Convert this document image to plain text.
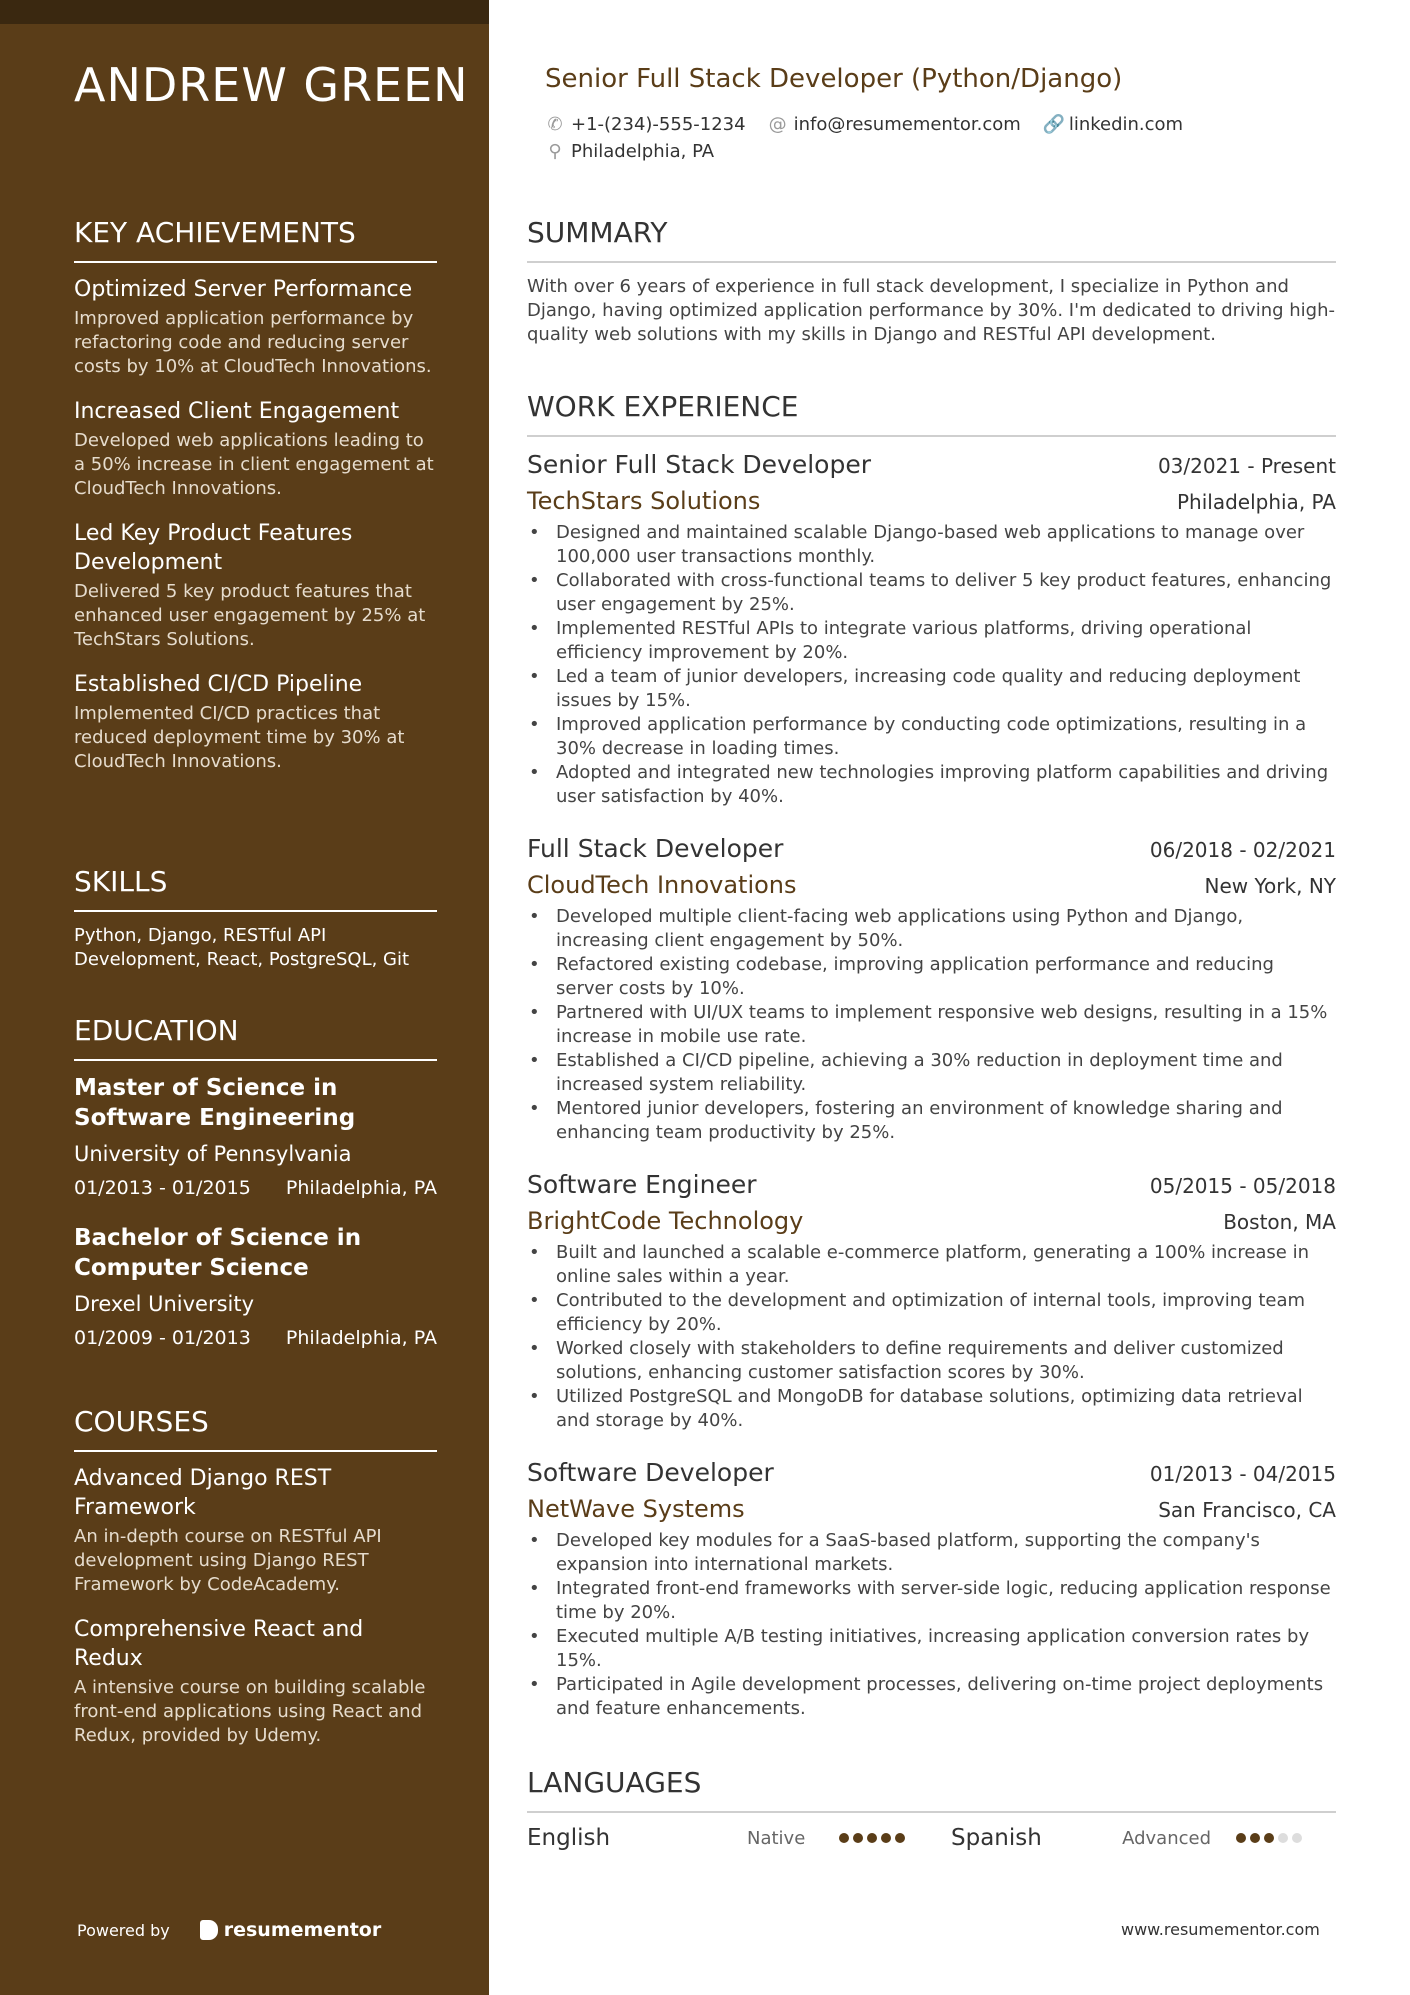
ANDREW GREEN
KEY ACHIEVEMENTS
Optimized Server Performance
Improved application performance by refactoring code and reducing server costs by 10% at CloudTech Innovations.
Increased Client Engagement
Developed web applications leading to a 50% increase in client engagement at CloudTech Innovations.
Led Key Product Features Development
Delivered 5 key product features that enhanced user engagement by 25% at TechStars Solutions.
Established CI/CD Pipeline
Implemented CI/CD practices that reduced deployment time by 30% at CloudTech Innovations.
SKILLS
Python, Django, RESTful API Development, React, PostgreSQL, Git
EDUCATION
Master of Science in Software Engineering
University of Pennsylvania
01/2013 - 01/2015 Philadelphia, PA
Bachelor of Science in Computer Science
Drexel University
01/2009 - 01/2013 Philadelphia, PA
COURSES
Advanced Django REST Framework
An in-depth course on RESTful API development using Django REST Framework by CodeAcademy.
Comprehensive React and Redux
A intensive course on building scalable front-end applications using React and Redux, provided by Udemy.
Powered by	resumementor
Senior Full Stack Developer (Python/Django)
✆ +1-(234)-555-1234 @ info@resumementor.com 🔗 linkedin.com
⚲ Philadelphia, PA
SUMMARY
With over 6 years of experience in full stack development, I specialize in Python and Django, having optimized application performance by 30%. I'm dedicated to driving high-quality web solutions with my skills in Django and RESTful API development.
WORK EXPERIENCE
Senior Full Stack Developer	03/2021 - Present
TechStars Solutions	Philadelphia, PA
• Designed and maintained scalable Django-based web applications to manage over 100,000 user transactions monthly.
• Collaborated with cross-functional teams to deliver 5 key product features, enhancing user engagement by 25%.
• Implemented RESTful APIs to integrate various platforms, driving operational efficiency improvement by 20%.
• Led a team of junior developers, increasing code quality and reducing deployment issues by 15%.
• Improved application performance by conducting code optimizations, resulting in a 30% decrease in loading times.
• Adopted and integrated new technologies improving platform capabilities and driving user satisfaction by 40%.
Full Stack Developer	06/2018 - 02/2021
CloudTech Innovations	New York, NY
• Developed multiple client-facing web applications using Python and Django, increasing client engagement by 50%.
• Refactored existing codebase, improving application performance and reducing server costs by 10%.
• Partnered with UI/UX teams to implement responsive web designs, resulting in a 15% increase in mobile use rate.
• Established a CI/CD pipeline, achieving a 30% reduction in deployment time and increased system reliability.
• Mentored junior developers, fostering an environment of knowledge sharing and enhancing team productivity by 25%.
Software Engineer	05/2015 - 05/2018
BrightCode Technology	Boston, MA
• Built and launched a scalable e-commerce platform, generating a 100% increase in online sales within a year.
• Contributed to the development and optimization of internal tools, improving team efficiency by 20%.
• Worked closely with stakeholders to define requirements and deliver customized solutions, enhancing customer satisfaction scores by 30%.
• Utilized PostgreSQL and MongoDB for database solutions, optimizing data retrieval and storage by 40%.
Software Developer	01/2013 - 04/2015
NetWave Systems	San Francisco, CA
• Developed key modules for a SaaS-based platform, supporting the company's expansion into international markets.
• Integrated front-end frameworks with server-side logic, reducing application response time by 20%.
• Executed multiple A/B testing initiatives, increasing application conversion rates by 15%.
• Participated in Agile development processes, delivering on-time project deployments and feature enhancements.
LANGUAGES
English	Native	Spanish	Advanced
www.resumementor.com
